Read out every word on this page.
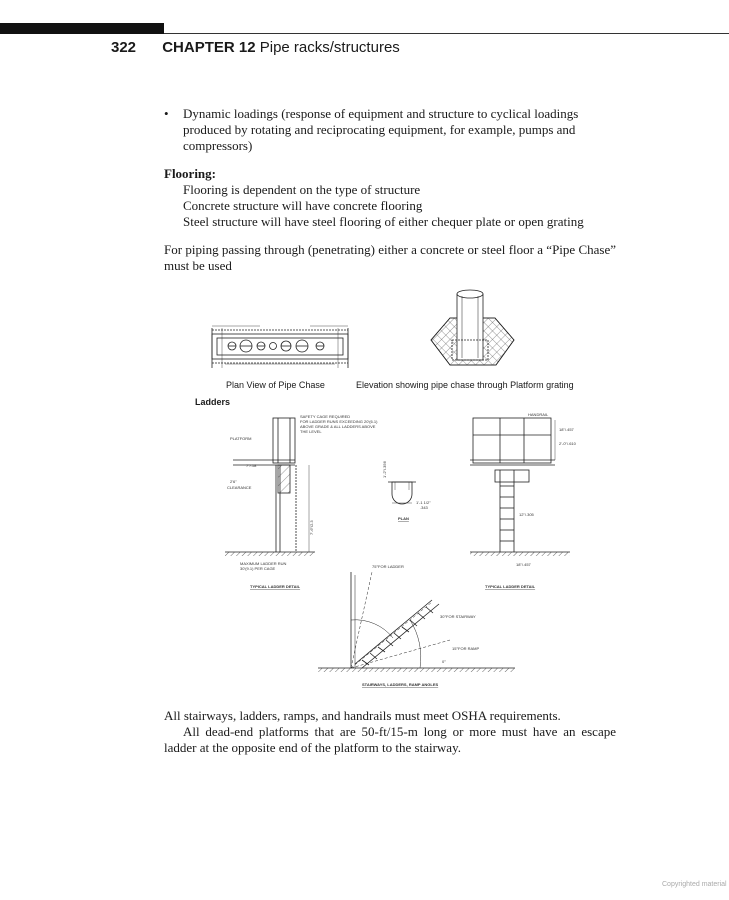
322 CHAPTER 12 Pipe racks/structures
• Dynamic loadings (response of equipment and structure to cyclical loadings produced by rotating and reciprocating equipment, for example, pumps and compressors)
Flooring:
Flooring is dependent on the type of structure
Concrete structure will have concrete flooring
Steel structure will have steel flooring of either chequer plate or open grating
For piping passing through (penetrating) either a concrete or steel floor a “Pipe Chase” must be used
Plan View of Pipe Chase	Elevation showing pipe chase through Platform grating
Ladders
SAFETY CAGE REQUIRED
FOR LADDER RUNS EXCEEDING 20'(6.1)
ABOVE GRADE & ALL LADDERS ABOVE
THE LEVEL
PLATFORM
7"/.18
2'6"
CLEARANCE
MAXIMUM LADDER RUN
30'(9.1) PER CAGE
7'-6"/2.3
TYPICAL LADDER DETAIL
1'-2"/.356
1'-1 1/2"
.343
PLAN
HANDRAIL
18"/.457
2'-0"/.610
12"/.305
18"/.457
TYPICAL LADDER DETAIL
75°FOR LADDER
30°FOR STAIRWAY
15°FOR RAMP
0°
STAIRWAYS, LADDERS, RAMP ANGLES
All stairways, ladders, ramps, and handrails must meet OSHA requirements.
All dead-end platforms that are 50-ft/15-m long or more must have an escape ladder at the opposite end of the platform to the stairway.
Copyrighted material
